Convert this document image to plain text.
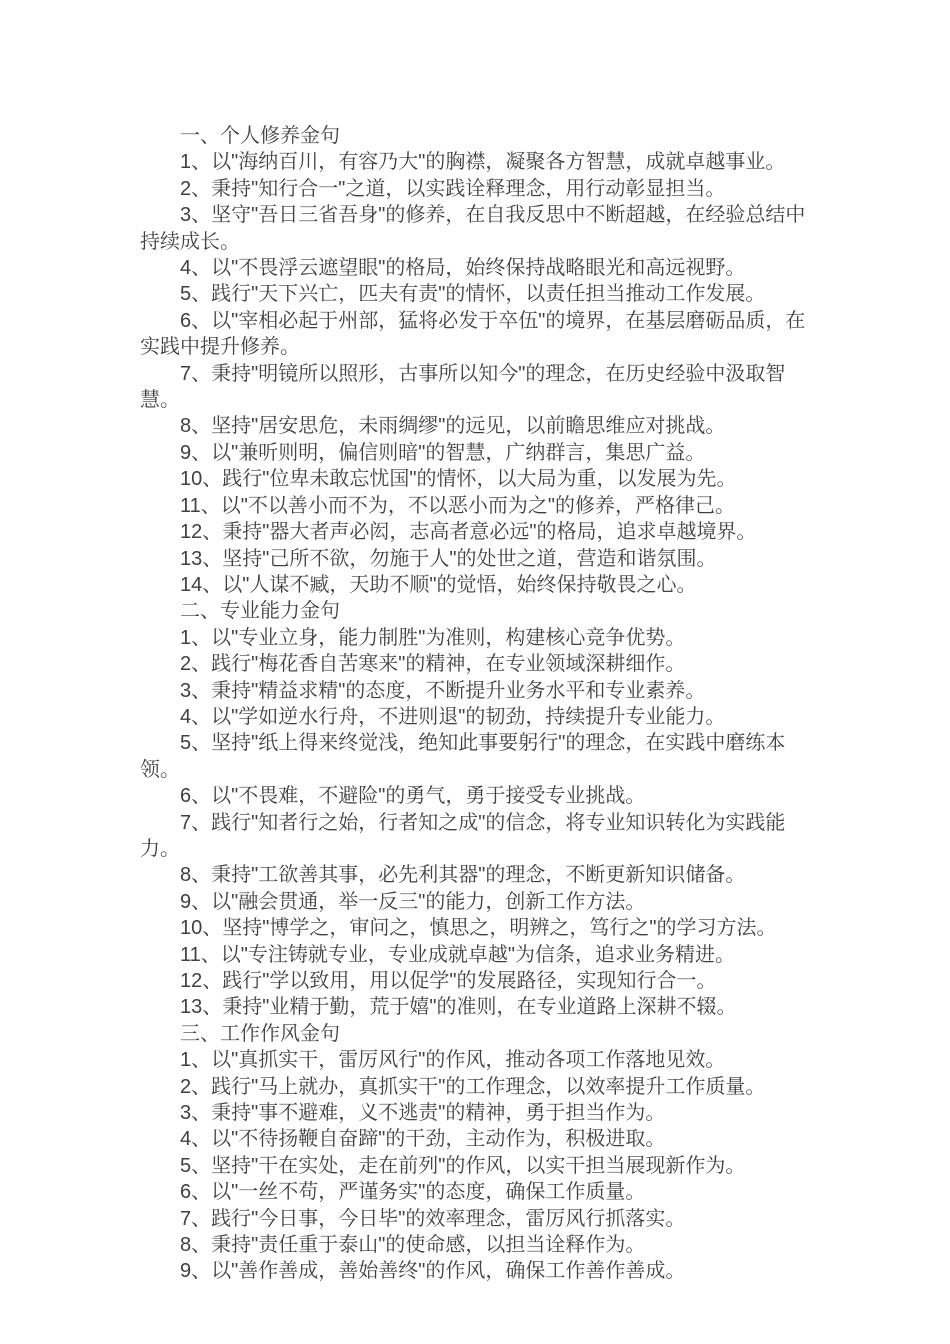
一、个人修养金句

1、以"海纳百川，有容乃大"的胸襟，凝聚各方智慧，成就卓越事业。

2、秉持"知行合一"之道，以实践诠释理念，用行动彰显担当。

3、坚守"吾日三省吾身"的修养，在自我反思中不断超越，在经验总结中持续成长。

4、以"不畏浮云遮望眼"的格局，始终保持战略眼光和高远视野。

5、践行"天下兴亡，匹夫有责"的情怀，以责任担当推动工作发展。

6、以"宰相必起于州部，猛将必发于卒伍"的境界，在基层磨砺品质，在实践中提升修养。

7、秉持"明镜所以照形，古事所以知今"的理念，在历史经验中汲取智慧。

8、坚持"居安思危，未雨绸缪"的远见，以前瞻思维应对挑战。

9、以"兼听则明，偏信则暗"的智慧，广纳群言，集思广益。

10、践行"位卑未敢忘忧国"的情怀，以大局为重，以发展为先。

11、以"不以善小而不为，不以恶小而为之"的修养，严格律己。

12、秉持"器大者声必闳，志高者意必远"的格局，追求卓越境界。

13、坚持"己所不欲，勿施于人"的处世之道，营造和谐氛围。

14、以"人谋不臧，天助不顺"的觉悟，始终保持敬畏之心。

二、专业能力金句

1、以"专业立身，能力制胜"为准则，构建核心竞争优势。

2、践行"梅花香自苦寒来"的精神，在专业领域深耕细作。

3、秉持"精益求精"的态度，不断提升业务水平和专业素养。

4、以"学如逆水行舟，不进则退"的韧劲，持续提升专业能力。

5、坚持"纸上得来终觉浅，绝知此事要躬行"的理念，在实践中磨练本领。

6、以"不畏难，不避险"的勇气，勇于接受专业挑战。

7、践行"知者行之始，行者知之成"的信念，将专业知识转化为实践能力。

8、秉持"工欲善其事，必先利其器"的理念，不断更新知识储备。

9、以"融会贯通，举一反三"的能力，创新工作方法。

10、坚持"博学之，审问之，慎思之，明辨之，笃行之"的学习方法。

11、以"专注铸就专业，专业成就卓越"为信条，追求业务精进。

12、践行"学以致用，用以促学"的发展路径，实现知行合一。

13、秉持"业精于勤，荒于嬉"的准则，在专业道路上深耕不辍。

三、工作作风金句

1、以"真抓实干，雷厉风行"的作风，推动各项工作落地见效。

2、践行"马上就办，真抓实干"的工作理念，以效率提升工作质量。

3、秉持"事不避难，义不逃责"的精神，勇于担当作为。

4、以"不待扬鞭自奋蹄"的干劲，主动作为，积极进取。

5、坚持"干在实处，走在前列"的作风，以实干担当展现新作为。

6、以"一丝不苟，严谨务实"的态度，确保工作质量。

7、践行"今日事，今日毕"的效率理念，雷厉风行抓落实。

8、秉持"责任重于泰山"的使命感，以担当诠释作为。

9、以"善作善成，善始善终"的作风，确保工作善作善成。
